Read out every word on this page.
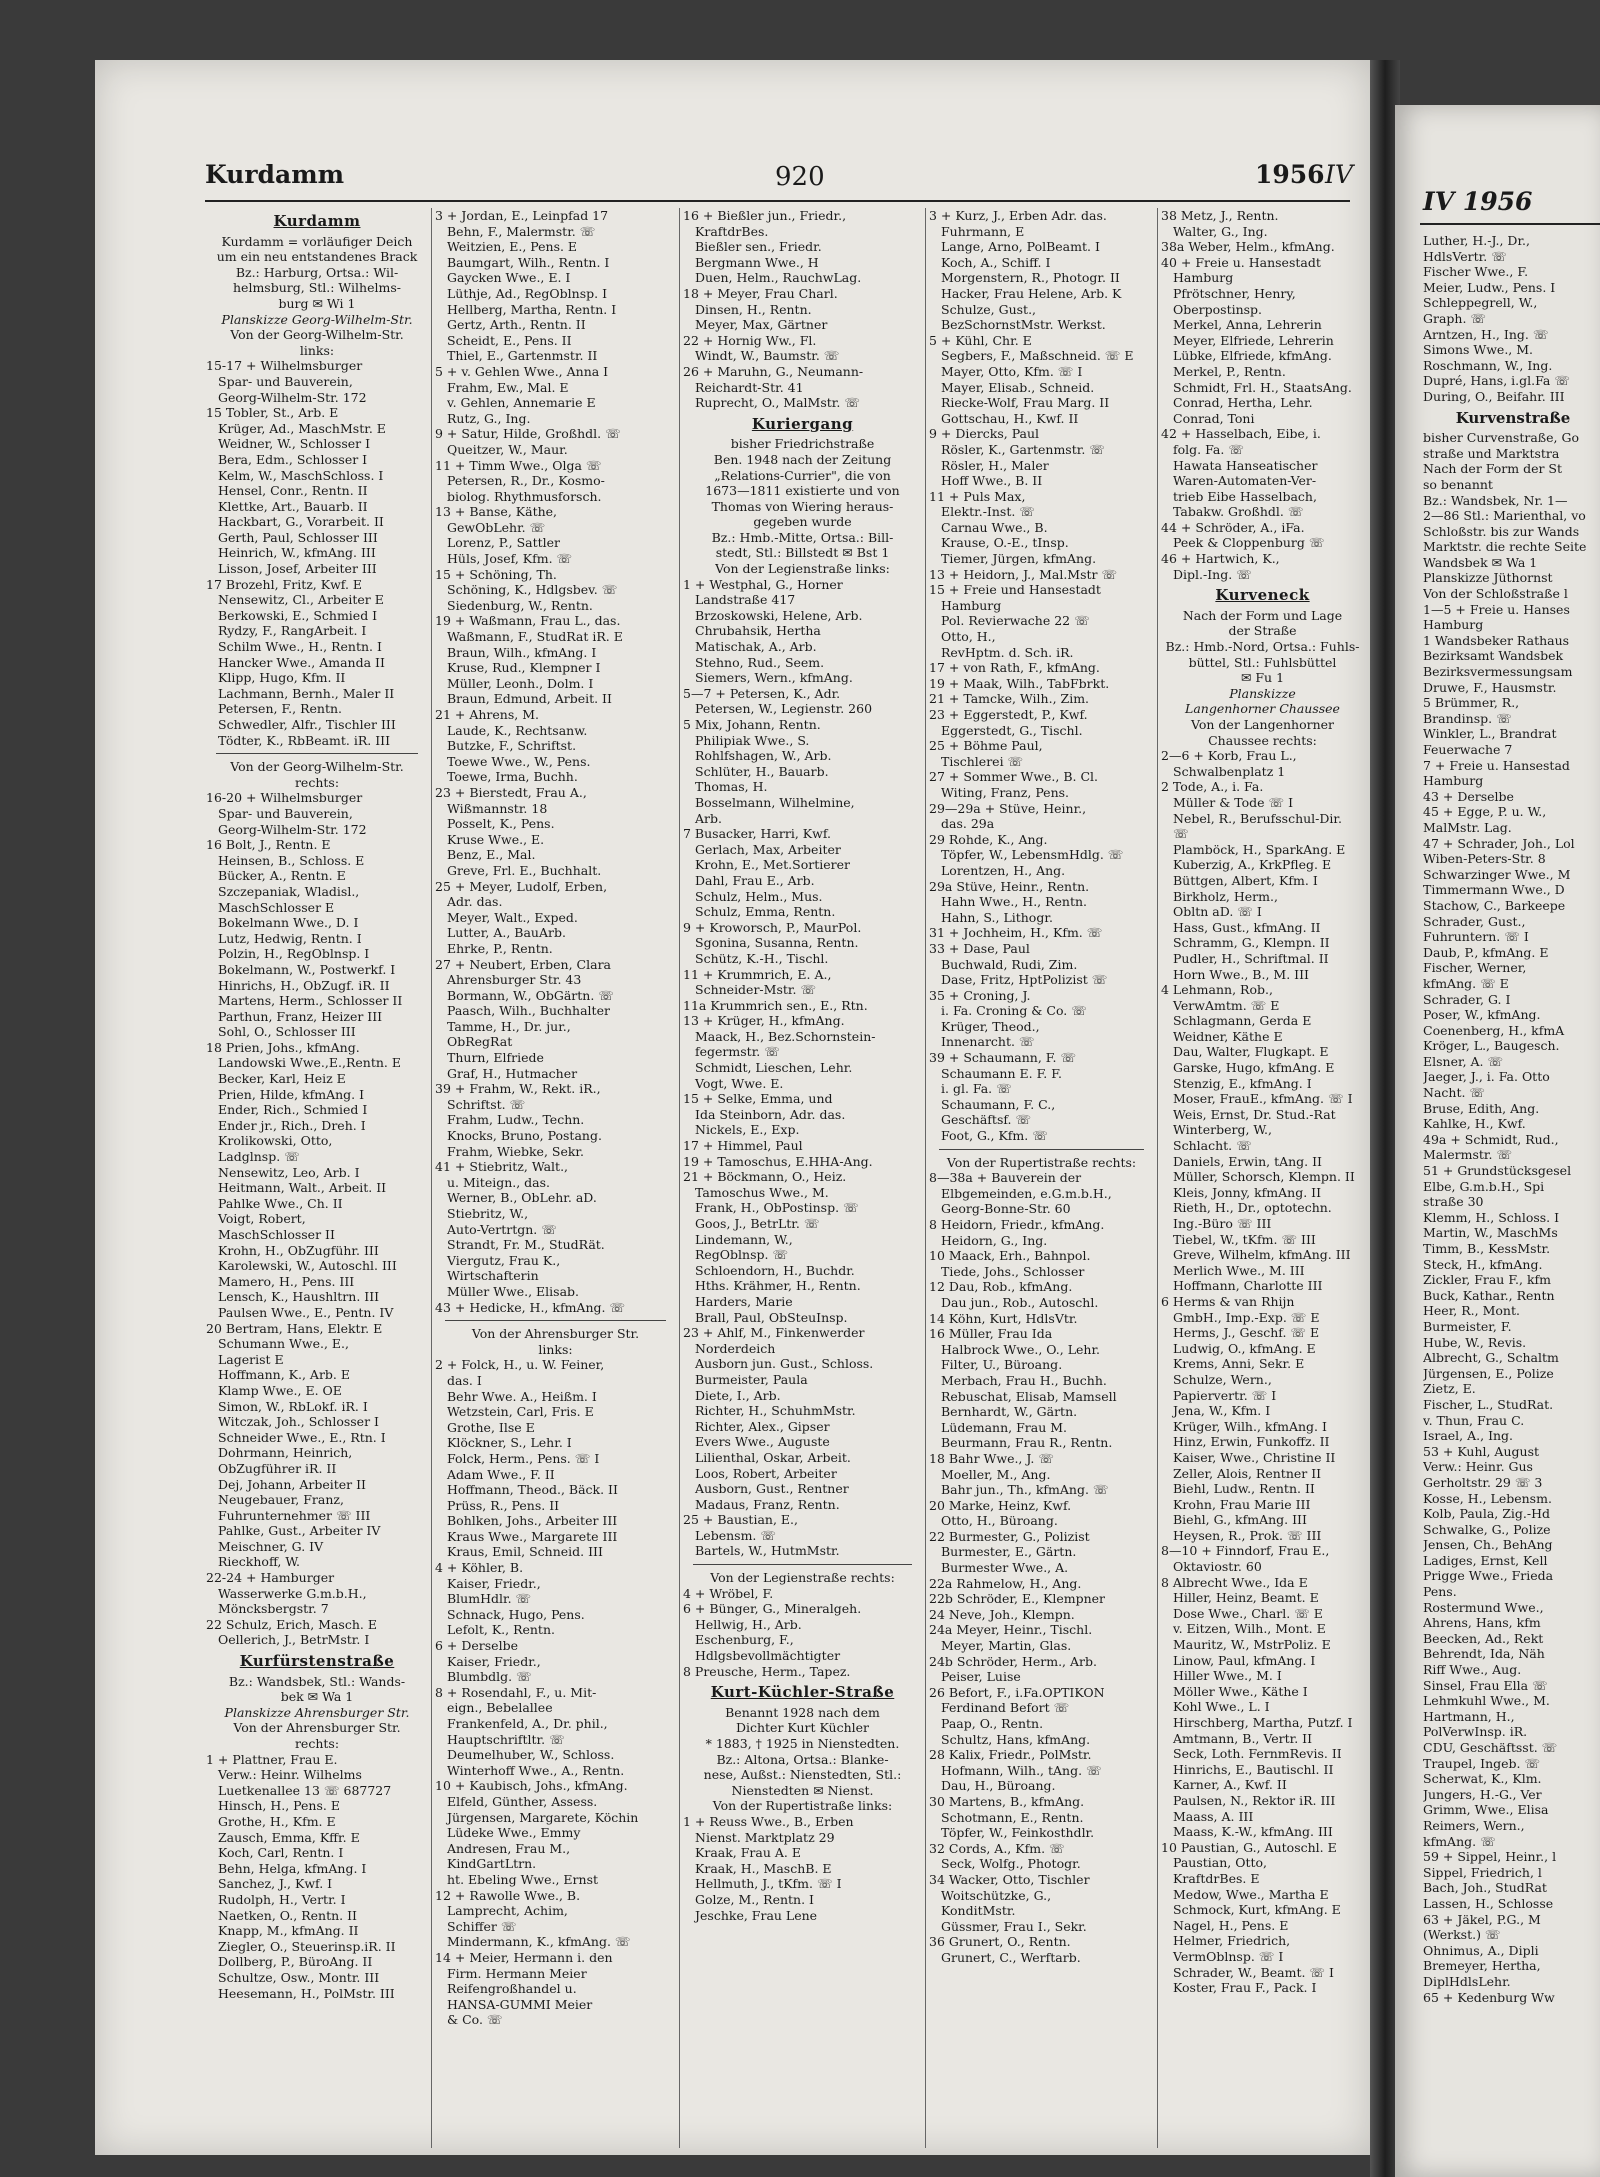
Kurdamm	920	1956 IV
Kurdamm
Kurdamm = vorläufiger Deich
um ein neu entstandenes Brack
Bz.: Harburg, Ortsa.: Wil-
helmsburg, Stl.: Wilhelms-
burg ✉ Wi 1
Planskizze Georg-Wilhelm-Str.
Von der Georg-Wilhelm-Str.
links:
15-17 + Wilhelmsburger
Spar- und Bauverein,
Georg-Wilhelm-Str. 172
15 Tobler, St., Arb. E
Krüger, Ad., MaschMstr. E
Weidner, W., Schlosser I
Bera, Edm., Schlosser I
Kelm, W., MaschSchloss. I
Hensel, Conr., Rentn. II
Klettke, Art., Bauarb. II
Hackbart, G., Vorarbeit. II
Gerth, Paul, Schlosser III
Heinrich, W., kfmAng. III
Lisson, Josef, Arbeiter III
17 Brozehl, Fritz, Kwf. E
Nensewitz, Cl., Arbeiter E
Berkowski, E., Schmied I
Rydzy, F., RangArbeit. I
Schilm Wwe., H., Rentn. I
Hancker Wwe., Amanda II
Klipp, Hugo, Kfm. II
Lachmann, Bernh., Maler II
Petersen, F., Rentn.
Schwedler, Alfr., Tischler III
Tödter, K., RbBeamt. iR. III
Von der Georg-Wilhelm-Str.
rechts:
16-20 + Wilhelmsburger
Spar- und Bauverein,
Georg-Wilhelm-Str. 172
16 Bolt, J., Rentn. E
Heinsen, B., Schloss. E
Bücker, A., Rentn. E
Szczepaniak, Wladisl.,
MaschSchlosser E
Bokelmann Wwe., D. I
Lutz, Hedwig, Rentn. I
Polzin, H., RegOblnsp. I
Bokelmann, W., Postwerkf. I
Hinrichs, H., ObZugf. iR. II
Martens, Herm., Schlosser II
Parthun, Franz, Heizer III
Sohl, O., Schlosser III
18 Prien, Johs., kfmAng.
Landowski Wwe.,E.,Rentn. E
Becker, Karl, Heiz E
Prien, Hilde, kfmAng. I
Ender, Rich., Schmied I
Ender jr., Rich., Dreh. I
Krolikowski, Otto,
Ladglnsp. ☏
Nensewitz, Leo, Arb. I
Heitmann, Walt., Arbeit. II
Pahlke Wwe., Ch. II
Voigt, Robert,
MaschSchlosser II
Krohn, H., ObZugführ. III
Karolewski, W., Autoschl. III
Mamero, H., Pens. III
Lensch, K., Haushltrn. III
Paulsen Wwe., E., Pentn. IV
20 Bertram, Hans, Elektr. E
Schumann Wwe., E.,
Lagerist E
Hoffmann, K., Arb. E
Klamp Wwe., E. OE
Simon, W., RbLokf. iR. I
Witczak, Joh., Schlosser I
Schneider Wwe., E., Rtn. I
Dohrmann, Heinrich,
ObZugführer iR. II
Dej, Johann, Arbeiter II
Neugebauer, Franz,
Fuhrunternehmer ☏ III
Pahlke, Gust., Arbeiter IV
Meischner, G. IV
Rieckhoff, W.
22-24 + Hamburger
Wasserwerke G.m.b.H.,
Möncksbergstr. 7
22 Schulz, Erich, Masch. E
Oellerich, J., BetrMstr. I
Kurfürstenstraße
Bz.: Wandsbek, Stl.: Wands-
bek ✉ Wa 1
Planskizze Ahrensburger Str.
Von der Ahrensburger Str.
rechts:
1 + Plattner, Frau E.
Verw.: Heinr. Wilhelms
Luetkenallee 13 ☏ 687727
Hinsch, H., Pens. E
Grothe, H., Kfm. E
Zausch, Emma, Kffr. E
Koch, Carl, Rentn. I
Behn, Helga, kfmAng. I
Sanchez, J., Kwf. I
Rudolph, H., Vertr. I
Naetken, O., Rentn. II
Knapp, M., kfmAng. II
Ziegler, O., Steuerinsp.iR. II
Dollberg, P., BüroAng. II
Schultze, Osw., Montr. III
Heesemann, H., PolMstr. III
3 + Jordan, E., Leinpfad 17
Behn, F., Malermstr. ☏
Weitzien, E., Pens. E
Baumgart, Wilh., Rentn. I
Gaycken Wwe., E. I
Lüthje, Ad., RegOblnsp. I
Hellberg, Martha, Rentn. I
Gertz, Arth., Rentn. II
Scheidt, E., Pens. II
Thiel, E., Gartenmstr. II
5 + v. Gehlen Wwe., Anna I
Frahm, Ew., Mal. E
v. Gehlen, Annemarie E
Rutz, G., Ing.
9 + Satur, Hilde, Großhdl. ☏
Queitzer, W., Maur.
11 + Timm Wwe., Olga ☏
Petersen, R., Dr., Kosmo-
biolog. Rhythmusforsch.
13 + Banse, Käthe,
GewObLehr. ☏
Lorenz, P., Sattler
Hüls, Josef, Kfm. ☏
15 + Schöning, Th.
Schöning, K., Hdlgsbev. ☏
Siedenburg, W., Rentn.
19 + Waßmann, Frau L., das.
Waßmann, F., StudRat iR. E
Braun, Wilh., kfmAng. I
Kruse, Rud., Klempner I
Müller, Leonh., Dolm. I
Braun, Edmund, Arbeit. II
21 + Ahrens, M.
Laude, K., Rechtsanw.
Butzke, F., Schriftst.
Toewe Wwe., W., Pens.
Toewe, Irma, Buchh.
23 + Bierstedt, Frau A.,
Wißmannstr. 18
Posselt, K., Pens.
Kruse Wwe., E.
Benz, E., Mal.
Greve, Frl. E., Buchhalt.
25 + Meyer, Ludolf, Erben,
Adr. das.
Meyer, Walt., Exped.
Lutter, A., BauArb.
Ehrke, P., Rentn.
27 + Neubert, Erben, Clara
Ahrensburger Str. 43
Bormann, W., ObGärtn. ☏
Paasch, Wilh., Buchhalter
Tamme, H., Dr. jur.,
ObRegRat
Thurn, Elfriede
Graf, H., Hutmacher
39 + Frahm, W., Rekt. iR.,
Schriftst. ☏
Frahm, Ludw., Techn.
Knocks, Bruno, Postang.
Frahm, Wiebke, Sekr.
41 + Stiebritz, Walt.,
u. Miteign., das.
Werner, B., ObLehr. aD.
Stiebritz, W.,
Auto-Vertrtgn. ☏
Strandt, Fr. M., StudRät.
Viergutz, Frau K.,
Wirtschafterin
Müller Wwe., Elisab.
43 + Hedicke, H., kfmAng. ☏
Von der Ahrensburger Str.
links:
2 + Folck, H., u. W. Feiner,
das. I
Behr Wwe. A., Heißm. I
Wetzstein, Carl, Fris. E
Grothe, Ilse E
Klöckner, S., Lehr. I
Folck, Herm., Pens. ☏ I
Adam Wwe., F. II
Hoffmann, Theod., Bäck. II
Prüss, R., Pens. II
Bohlken, Johs., Arbeiter III
Kraus Wwe., Margarete III
Kraus, Emil, Schneid. III
4 + Köhler, B.
Kaiser, Friedr.,
BlumHdlr. ☏
Schnack, Hugo, Pens.
Lefolt, K., Rentn.
6 + Derselbe
Kaiser, Friedr.,
Blumbdlg. ☏
8 + Rosendahl, F., u. Mit-
eign., Bebelallee
Frankenfeld, A., Dr. phil.,
Hauptschriftltr. ☏
Deumelhuber, W., Schloss.
Winterhoff Wwe., A., Rentn.
10 + Kaubisch, Johs., kfmAng.
Elfeld, Günther, Assess.
Jürgensen, Margarete, Köchin
Lüdeke Wwe., Emmy
Andresen, Frau M.,
KindGartLtrn.
ht. Ebeling Wwe., Ernst
12 + Rawolle Wwe., B.
Lamprecht, Achim,
Schiffer ☏
Mindermann, K., kfmAng. ☏
14 + Meier, Hermann i. den
Firm. Hermann Meier
Reifengroßhandel u.
HANSA-GUMMI Meier
& Co. ☏
16 + Bießler jun., Friedr.,
KraftdrBes.
Bießler sen., Friedr.
Bergmann Wwe., H
Duen, Helm., RauchwLag.
18 + Meyer, Frau Charl.
Dinsen, H., Rentn.
Meyer, Max, Gärtner
22 + Hornig Ww., Fl.
Windt, W., Baumstr. ☏
26 + Maruhn, G., Neumann-
Reichardt-Str. 41
Ruprecht, O., MalMstr. ☏
Kuriergang
bisher Friedrichstraße
Ben. 1948 nach der Zeitung
„Relations-Currier", die von
1673—1811 existierte und von
Thomas von Wiering heraus-
gegeben wurde
Bz.: Hmb.-Mitte, Ortsa.: Bill-
stedt, Stl.: Billstedt ✉ Bst 1
Von der Legienstraße links:
1 + Westphal, G., Horner
Landstraße 417
Brzoskowski, Helene, Arb.
Chrubahsik, Hertha
Matischak, A., Arb.
Stehno, Rud., Seem.
Siemers, Wern., kfmAng.
5—7 + Petersen, K., Adr.
Petersen, W., Legienstr. 260
5 Mix, Johann, Rentn.
Philipiak Wwe., S.
Rohlfshagen, W., Arb.
Schlüter, H., Bauarb.
Thomas, H.
Bosselmann, Wilhelmine,
Arb.
7 Busacker, Harri, Kwf.
Gerlach, Max, Arbeiter
Krohn, E., Met.Sortierer
Dahl, Frau E., Arb.
Schulz, Helm., Mus.
Schulz, Emma, Rentn.
9 + Kroworsch, P., MaurPol.
Sgonina, Susanna, Rentn.
Schütz, K.-H., Tischl.
11 + Krummrich, E. A.,
Schneider-Mstr. ☏
11a Krummrich sen., E., Rtn.
13 + Krüger, H., kfmAng.
Maack, H., Bez.Schornstein-
fegermstr. ☏
Schmidt, Lieschen, Lehr.
Vogt, Wwe. E.
15 + Selke, Emma, und
Ida Steinborn, Adr. das.
Nickels, E., Exp.
17 + Himmel, Paul
19 + Tamoschus, E.HHA-Ang.
21 + Böckmann, O., Heiz.
Tamoschus Wwe., M.
Frank, H., ObPostinsp. ☏
Goos, J., BetrLtr. ☏
Lindemann, W.,
RegOblnsp. ☏
Schloendorn, H., Buchdr.
Hths. Krähmer, H., Rentn.
Harders, Marie
Brall, Paul, ObSteuInsp.
23 + Ahlf, M., Finkenwerder
Norderdeich
Ausborn jun. Gust., Schloss.
Burmeister, Paula
Diete, I., Arb.
Richter, H., SchuhmMstr.
Richter, Alex., Gipser
Evers Wwe., Auguste
Lilienthal, Oskar, Arbeit.
Loos, Robert, Arbeiter
Ausborn, Gust., Rentner
Madaus, Franz, Rentn.
25 + Baustian, E.,
Lebensm. ☏
Bartels, W., HutmMstr.
Von der Legienstraße rechts:
4 + Wröbel, F.
6 + Bünger, G., Mineralgeh.
Hellwig, H., Arb.
Eschenburg, F.,
Hdlgsbevollmächtigter
8 Preusche, Herm., Tapez.
Kurt-Küchler-Straße
Benannt 1928 nach dem
Dichter Kurt Küchler
* 1883, † 1925 in Nienstedten.
Bz.: Altona, Ortsa.: Blanke-
nese, Außst.: Nienstedten, Stl.:
Nienstedten ✉ Nienst.
Von der Rupertistraße links:
1 + Reuss Wwe., B., Erben
Nienst. Marktplatz 29
Kraak, Frau A. E
Kraak, H., MaschB. E
Hellmuth, J., tKfm. ☏ I
Golze, M., Rentn. I
Jeschke, Frau Lene
3 + Kurz, J., Erben Adr. das.
Fuhrmann, E
Lange, Arno, PolBeamt. I
Koch, A., Schiff. I
Morgenstern, R., Photogr. II
Hacker, Frau Helene, Arb. K
Schulze, Gust.,
BezSchornstMstr. Werkst.
5 + Kühl, Chr. E
Segbers, F., Maßschneid. ☏ E
Mayer, Otto, Kfm. ☏ I
Mayer, Elisab., Schneid.
Riecke-Wolf, Frau Marg. II
Gottschau, H., Kwf. II
9 + Diercks, Paul
Rösler, K., Gartenmstr. ☏
Rösler, H., Maler
Hoff Wwe., B. II
11 + Puls Max,
Elektr.-Inst. ☏
Carnau Wwe., B.
Krause, O.-E., tInsp.
Tiemer, Jürgen, kfmAng.
13 + Heidorn, J., Mal.Mstr ☏
15 + Freie und Hansestadt
Hamburg
Pol. Revierwache 22 ☏
Otto, H.,
RevHptm. d. Sch. iR.
17 + von Rath, F., kfmAng.
19 + Maak, Wilh., TabFbrkt.
21 + Tamcke, Wilh., Zim.
23 + Eggerstedt, P., Kwf.
Eggerstedt, G., Tischl.
25 + Böhme Paul,
Tischlerei ☏
27 + Sommer Wwe., B. Cl.
Witing, Franz, Pens.
29—29a + Stüve, Heinr.,
das. 29a
29 Rohde, K., Ang.
Töpfer, W., LebensmHdlg. ☏
Lorentzen, H., Ang.
29a Stüve, Heinr., Rentn.
Hahn Wwe., H., Rentn.
Hahn, S., Lithogr.
31 + Jochheim, H., Kfm. ☏
33 + Dase, Paul
Buchwald, Rudi, Zim.
Dase, Fritz, HptPolizist ☏
35 + Croning, J.
i. Fa. Croning & Co. ☏
Krüger, Theod.,
Innenarcht. ☏
39 + Schaumann, F. ☏
Schaumann E. F. F.
i. gl. Fa. ☏
Schaumann, F. C.,
Geschäftsf. ☏
Foot, G., Kfm. ☏
Von der Rupertistraße rechts:
8—38a + Bauverein der
Elbgemeinden, e.G.m.b.H.,
Georg-Bonne-Str. 60
8 Heidorn, Friedr., kfmAng.
Heidorn, G., Ing.
10 Maack, Erh., Bahnpol.
Tiede, Johs., Schlosser
12 Dau, Rob., kfmAng.
Dau jun., Rob., Autoschl.
14 Köhn, Kurt, HdlsVtr.
16 Müller, Frau Ida
Halbrock Wwe., O., Lehr.
Filter, U., Büroang.
Merbach, Frau H., Buchh.
Rebuschat, Elisab, Mamsell
Bernhardt, W., Gärtn.
Lüdemann, Frau M.
Beurmann, Frau R., Rentn.
18 Bahr Wwe., J. ☏
Moeller, M., Ang.
Bahr jun., Th., kfmAng. ☏
20 Marke, Heinz, Kwf.
Otto, H., Büroang.
22 Burmester, G., Polizist
Burmester, E., Gärtn.
Burmester Wwe., A.
22a Rahmelow, H., Ang.
22b Schröder, E., Klempner
24 Neve, Joh., Klempn.
24a Meyer, Heinr., Tischl.
Meyer, Martin, Glas.
24b Schröder, Herm., Arb.
Peiser, Luise
26 Befort, F., i.Fa.OPTIKON
Ferdinand Befort ☏
Paap, O., Rentn.
Schultz, Hans, kfmAng.
28 Kalix, Friedr., PolMstr.
Hofmann, Wilh., tAng. ☏
Dau, H., Büroang.
30 Martens, B., kfmAng.
Schotmann, E., Rentn.
Töpfer, W., Feinkosthdlr.
32 Cords, A., Kfm. ☏
Seck, Wolfg., Photogr.
34 Wacker, Otto, Tischler
Woitschützke, G.,
KonditMstr.
Güssmer, Frau I., Sekr.
36 Grunert, O., Rentn.
Grunert, C., Werftarb.
38 Metz, J., Rentn.
Walter, G., Ing.
38a Weber, Helm., kfmAng.
40 + Freie u. Hansestadt
Hamburg
Pfrötschner, Henry,
Oberpostinsp.
Merkel, Anna, Lehrerin
Meyer, Elfriede, Lehrerin
Lübke, Elfriede, kfmAng.
Merkel, P., Rentn.
Schmidt, Frl. H., StaatsAng.
Conrad, Hertha, Lehr.
Conrad, Toni
42 + Hasselbach, Eibe, i.
folg. Fa. ☏
Hawata Hanseatischer
Waren-Automaten-Ver-
trieb Eibe Hasselbach,
Tabakw. Großhdl. ☏
44 + Schröder, A., iFa.
Peek & Cloppenburg ☏
46 + Hartwich, K.,
Dipl.-Ing. ☏
Kurveneck
Nach der Form und Lage
der Straße
Bz.: Hmb.-Nord, Ortsa.: Fuhls-
büttel, Stl.: Fuhlsbüttel
✉ Fu 1
Planskizze
Langenhorner Chaussee
Von der Langenhorner
Chaussee rechts:
2—6 + Korb, Frau L.,
Schwalbenplatz 1
2 Tode, A., i. Fa.
Müller & Tode ☏ I
Nebel, R., Berufsschul-Dir.
☏
Plamböck, H., SparkAng. E
Kuberzig, A., KrkPfleg. E
Büttgen, Albert, Kfm. I
Birkholz, Herm.,
Obltn aD. ☏ I
Hass, Gust., kfmAng. II
Schramm, G., Klempn. II
Pudler, H., Schriftmal. II
Horn Wwe., B., M. III
4 Lehmann, Rob.,
VerwAmtm. ☏ E
Schlagmann, Gerda E
Weidner, Käthe E
Dau, Walter, Flugkapt. E
Garske, Hugo, kfmAng. E
Stenzig, E., kfmAng. I
Moser, FrauE., kfmAng. ☏ I
Weis, Ernst, Dr. Stud.-Rat
Winterberg, W.,
Schlacht. ☏
Daniels, Erwin, tAng. II
Müller, Schorsch, Klempn. II
Kleis, Jonny, kfmAng. II
Rieth, H., Dr., optotechn.
Ing.-Büro ☏ III
Tiebel, W., tKfm. ☏ III
Greve, Wilhelm, kfmAng. III
Merlich Wwe., M. III
Hoffmann, Charlotte III
6 Herms & van Rhijn
GmbH., Imp.-Exp. ☏ E
Herms, J., Geschf. ☏ E
Ludwig, O., kfmAng. E
Krems, Anni, Sekr. E
Schulze, Wern.,
Papiervertr. ☏ I
Jena, W., Kfm. I
Krüger, Wilh., kfmAng. I
Hinz, Erwin, Funkoffz. II
Kaiser, Wwe., Christine II
Zeller, Alois, Rentner II
Biehl, Ludw., Rentn. II
Krohn, Frau Marie III
Biehl, G., kfmAng. III
Heysen, R., Prok. ☏ III
8—10 + Finndorf, Frau E.,
Oktaviostr. 60
8 Albrecht Wwe., Ida E
Hiller, Heinz, Beamt. E
Dose Wwe., Charl. ☏ E
v. Eitzen, Wilh., Mont. E
Mauritz, W., MstrPoliz. E
Linow, Paul, kfmAng. I
Hiller Wwe., M. I
Möller Wwe., Käthe I
Kohl Wwe., L. I
Hirschberg, Martha, Putzf. I
Amtmann, B., Vertr. II
Seck, Loth. FernmRevis. II
Hinrichs, E., Bautischl. II
Karner, A., Kwf. II
Paulsen, N., Rektor iR. III
Maass, A. III
Maass, K.-W., kfmAng. III
10 Paustian, G., Autoschl. E
Paustian, Otto,
KraftdrBes. E
Medow, Wwe., Martha E
Schmock, Kurt, kfmAng. E
Nagel, H., Pens. E
Helmer, Friedrich,
VermOblnsp. ☏ I
Schrader, W., Beamt. ☏ I
Koster, Frau F., Pack. I
IV 1956
Luther, H.-J., Dr.,
HdlsVertr. ☏
Fischer Wwe., F.
Meier, Ludw., Pens. I
Schleppegrell, W.,
Graph. ☏
Arntzen, H., Ing. ☏
Simons Wwe., M.
Roschmann, W., Ing.
Dupré, Hans, i.gl.Fa ☏
During, O., Beifahr. III
Kurvenstraße
bisher Curvenstraße, Go
straße und Marktstra
Nach der Form der St
so benannt
Bz.: Wandsbek, Nr. 1—
2—86 Stl.: Marienthal, vo
Schloßstr. bis zur Wands
Marktstr. die rechte Seite
Wandsbek ✉ Wa 1
Planskizze Jüthornst
Von der Schloßstraße l
1—5 + Freie u. Hanses
Hamburg
1 Wandsbeker Rathaus
Bezirksamt Wandsbek
Bezirksvermessungsam
Druwe, F., Hausmstr.
5 Brümmer, R.,
Brandinsp. ☏
Winkler, L., Brandrat
Feuerwache 7
7 + Freie u. Hansestad
Hamburg
43 + Derselbe
45 + Egge, P. u. W.,
MalMstr. Lag.
47 + Schrader, Joh., Lol
Wiben-Peters-Str. 8
Schwarzinger Wwe., M
Timmermann Wwe., D
Stachow, C., Barkeepe
Schrader, Gust.,
Fuhruntern. ☏ I
Daub, P., kfmAng. E
Fischer, Werner,
kfmAng. ☏ E
Schrader, G. I
Poser, W., kfmAng.
Coenenberg, H., kfmA
Kröger, L., Baugesch.
Elsner, A. ☏
Jaeger, J., i. Fa. Otto
Nacht. ☏
Bruse, Edith, Ang.
Kahlke, H., Kwf.
49a + Schmidt, Rud.,
Malermstr. ☏
51 + Grundstücksgesel
Elbe, G.m.b.H., Spi
straße 30
Klemm, H., Schloss. I
Martin, W., MaschMs
Timm, B., KessMstr.
Steck, H., kfmAng.
Zickler, Frau F., kfm
Buck, Kathar., Rentn
Heer, R., Mont.
Burmeister, F.
Hube, W., Revis.
Albrecht, G., Schaltm
Jürgensen, E., Polize
Zietz, E.
Fischer, L., StudRat.
v. Thun, Frau C.
Israel, A., Ing.
53 + Kuhl, August
Verw.: Heinr. Gus
Gerholtstr. 29 ☏ 3
Kosse, H., Lebensm.
Kolb, Paula, Zig.-Hd
Schwalke, G., Polize
Jensen, Ch., BehAng
Ladiges, Ernst, Kell
Prigge Wwe., Frieda
Pens.
Rostermund Wwe.,
Ahrens, Hans, kfm
Beecken, Ad., Rekt
Behrendt, Ida, Näh
Riff Wwe., Aug.
Sinsel, Frau Ella ☏
Lehmkuhl Wwe., M.
Hartmann, H.,
PolVerwInsp. iR.
CDU, Geschäftsst. ☏
Traupel, Ingeb. ☏
Scherwat, K., Klm.
Jungers, H.-G., Ver
Grimm, Wwe., Elisa
Reimers, Wern.,
kfmAng. ☏
59 + Sippel, Heinr., l
Sippel, Friedrich, l
Bach, Joh., StudRat
Lassen, H., Schlosse
63 + Jäkel, P.G., M
(Werkst.) ☏
Ohnimus, A., Dipli
Bremeyer, Hertha,
DiplHdlsLehr.
65 + Kedenburg Ww
